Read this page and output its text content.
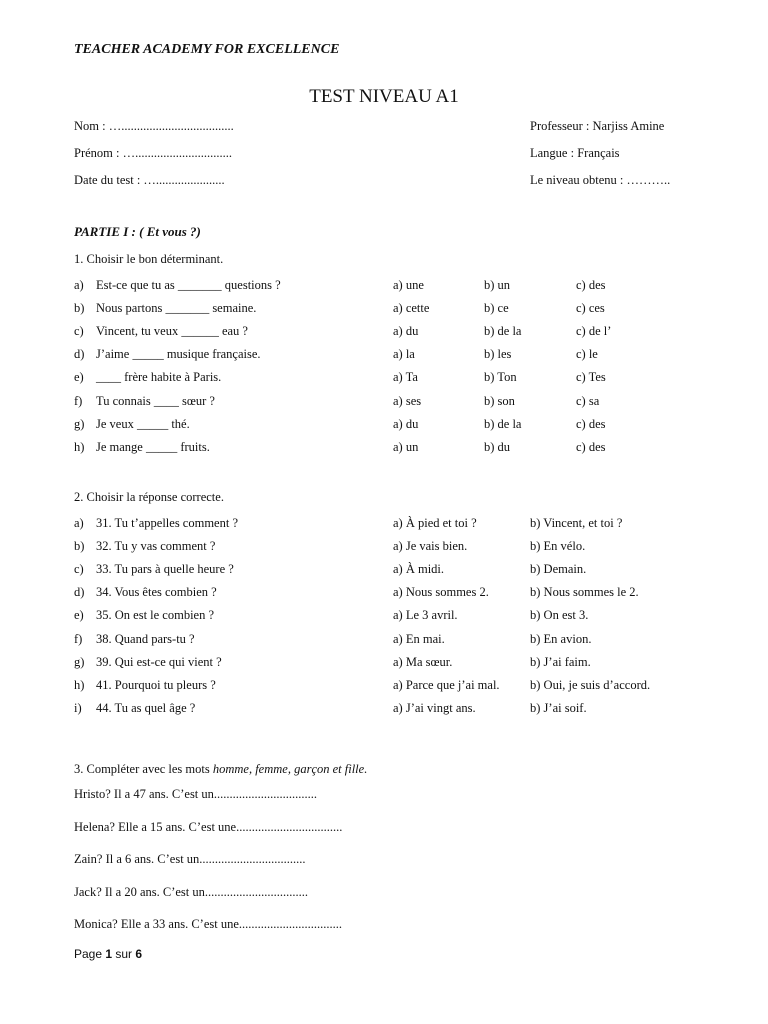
TEACHER ACADEMY FOR EXCELLENCE
TEST NIVEAU A1
Nom : …....................................
Prénom : …...............................
Date du test : …......................
Professeur : Narjiss Amine
Langue : Français
Le niveau obtenu : ………..
PARTIE I : ( Et vous ?)
1. Choisir le bon déterminant.
a) Est-ce que tu as _______ questions ?	a) une	b) un	c) des
b) Nous partons _______ semaine.	a) cette	b) ce	c) ces
c) Vincent, tu veux ______ eau ?	a) du	b) de la	c) de l’
d) J’aime _____ musique française.	a) la	b) les	c) le
e) ____ frère habite à Paris.	a) Ta	b) Ton	c) Tes
f) Tu connais ____ sœur ?	a) ses	b) son	c) sa
g) Je veux _____ thé.	a) du	b) de la	c) des
h) Je mange _____ fruits.	a) un	b) du	c) des
2. Choisir la réponse correcte.
a) 31. Tu t’appelles comment ?	a) À pied et toi ?	b) Vincent, et toi ?
b) 32. Tu y vas comment ?	a) Je vais bien.	b) En vélo.
c) 33. Tu pars à quelle heure ?	a) À midi.	b) Demain.
d) 34. Vous êtes combien ?	a) Nous sommes 2.	b) Nous sommes le 2.
e) 35. On est le combien ?	a) Le 3 avril.	b) On est 3.
f) 38. Quand pars-tu ?	a) En mai.	b) En avion.
g) 39. Qui est-ce qui vient ?	a) Ma sœur.	b) J’ai faim.
h) 41. Pourquoi tu pleurs ?	a) Parce que j’ai mal. b) Oui, je suis d’accord.
i) 44. Tu as quel âge ?	a) J’ai vingt ans.	b) J’ai soif.
3. Compléter avec les mots homme, femme, garçon et fille.
Hristo? Il a 47 ans. C’est un.................................
Helena? Elle a 15 ans. C’est une..................................
Zain? Il a 6 ans. C’est un..................................
Jack? Il a 20 ans. C’est un.................................
Monica? Elle a 33 ans. C’est une.................................
Page 1 sur 6
